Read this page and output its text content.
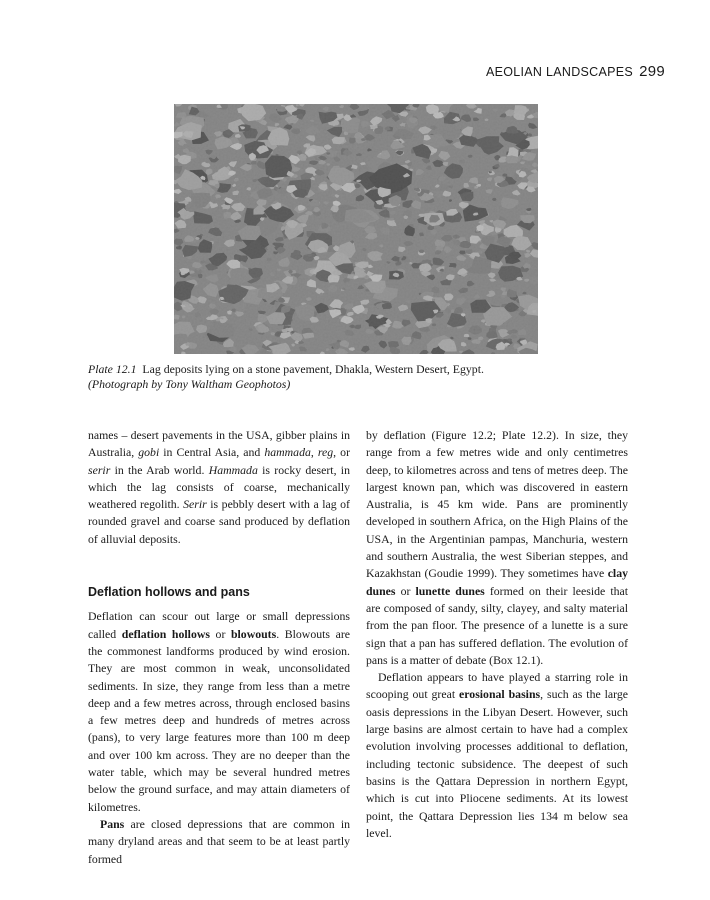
AEOLIAN LANDSCAPES 299
Plate 12.1 Lag deposits lying on a stone pavement, Dhakla, Western Desert, Egypt.
(Photograph by Tony Waltham Geophotos)

names – desert pavements in the USA, gibber plains in Australia, gobi in Central Asia, and hammada, reg, or serir in the Arab world. Hammada is rocky desert, in which the lag consists of coarse, mechanically weathered regolith. Serir is pebbly desert with a lag of rounded gravel and coarse sand produced by deflation of alluvial deposits.

Deflation hollows and pans

Deflation can scour out large or small depressions called deflation hollows or blowouts. Blowouts are the commonest landforms produced by wind erosion. They are most common in weak, unconsolidated sediments. In size, they range from less than a metre deep and a few metres across, through enclosed basins a few metres deep and hundreds of metres across (pans), to very large features more than 100 m deep and over 100 km across. They are no deeper than the water table, which may be several hundred metres below the ground surface, and may attain diameters of kilometres.

Pans are closed depressions that are common in many dryland areas and that seem to be at least partly formed

by deflation (Figure 12.2; Plate 12.2). In size, they range from a few metres wide and only centimetres deep, to kilometres across and tens of metres deep. The largest known pan, which was discovered in eastern Australia, is 45 km wide. Pans are prominently developed in southern Africa, on the High Plains of the USA, in the Argentinian pampas, Manchuria, western and southern Australia, the west Siberian steppes, and Kazakhstan (Goudie 1999). They sometimes have clay dunes or lunette dunes formed on their leeside that are composed of sandy, silty, clayey, and salty material from the pan floor. The presence of a lunette is a sure sign that a pan has suffered deflation. The evolution of pans is a matter of debate (Box 12.1).

Deflation appears to have played a starring role in scooping out great erosional basins, such as the large oasis depressions in the Libyan Desert. However, such large basins are almost certain to have had a complex evolution involving processes additional to deflation, including tectonic subsidence. The deepest of such basins is the Qattara Depression in northern Egypt, which is cut into Pliocene sediments. At its lowest point, the Qattara Depression lies 134 m below sea level.
